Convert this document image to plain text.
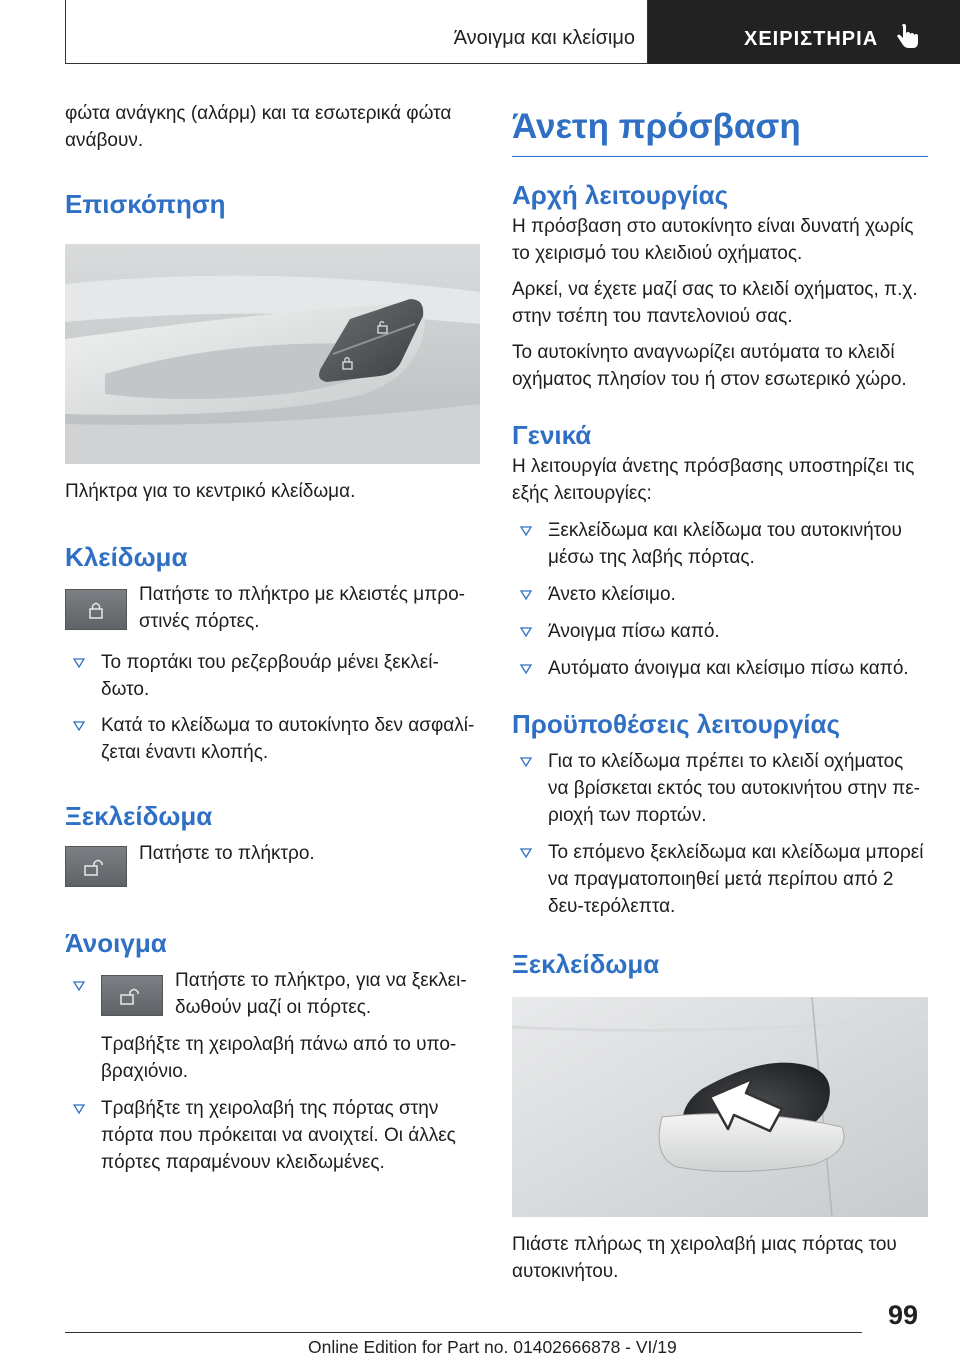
Άνοιγμα και κλείσιμο	ΧΕΙΡΙΣΤΗΡΙΑ

φώτα ανάγκης (αλάρμ) και τα εσωτερικά φώτα ανάβουν.

Επισκόπηση

Πλήκτρα για το κεντρικό κλείδωμα.

Κλείδωμα

Πατήστε το πλήκτρο με κλειστές μπρο-στινές πόρτες.

Το πορτάκι του ρεζερβουάρ μένει ξεκλεί-δωτο.

Κατά το κλείδωμα το αυτοκίνητο δεν ασφαλί-ζεται έναντι κλοπής.

Ξεκλείδωμα

Πατήστε το πλήκτρο.

Άνοιγμα

Πατήστε το πλήκτρο, για να ξεκλει-δωθούν μαζί οι πόρτες.

Τραβήξτε τη χειρολαβή πάνω από το υπο-βραχιόνιο.

Τραβήξτε τη χειρολαβή της πόρτας στην πόρτα που πρόκειται να ανοιχτεί. Οι άλλες πόρτες παραμένουν κλειδωμένες.

Άνετη πρόσβαση
Αρχή λειτουργίας

Η πρόσβαση στο αυτοκίνητο είναι δυνατή χωρίς το χειρισμό του κλειδιού οχήματος.

Αρκεί, να έχετε μαζί σας το κλειδί οχήματος, π.χ. στην τσέπη του παντελονιού σας.

Το αυτοκίνητο αναγνωρίζει αυτόματα το κλειδί οχήματος πλησίον του ή στον εσωτερικό χώρο.

Γενικά

Η λειτουργία άνετης πρόσβασης υποστηρίζει τις εξής λειτουργίες:

Ξεκλείδωμα και κλείδωμα του αυτοκινήτου μέσω της λαβής πόρτας.

Άνετο κλείσιμο.

Άνοιγμα πίσω καπό.

Αυτόματο άνοιγμα και κλείσιμο πίσω καπό.

Προϋποθέσεις λειτουργίας

Για το κλείδωμα πρέπει το κλειδί οχήματος να βρίσκεται εκτός του αυτοκινήτου στην πε-ριοχή των πορτών.

Το επόμενο ξεκλείδωμα και κλείδωμα μπορεί να πραγματοποιηθεί μετά περίπου από 2 δευ-τερόλεπτα.

Ξεκλείδωμα

Πιάστε πλήρως τη χειρολαβή μιας πόρτας του αυτοκινήτου.

99
Online Edition for Part no. 01402666878 - VI/19
